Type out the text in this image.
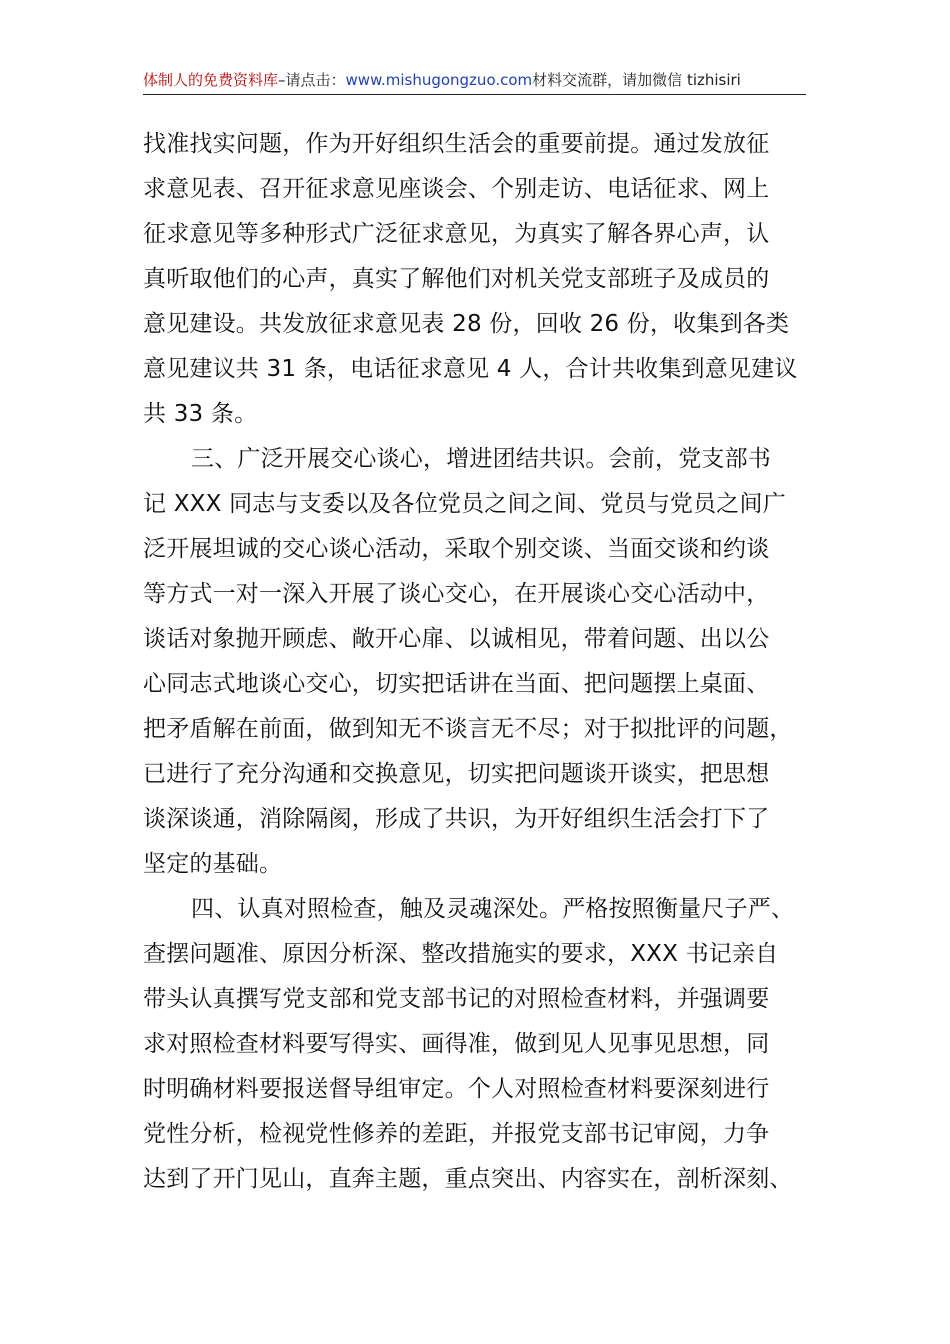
体制人的免费资料库–请点击：www.mishugongzuo.com材料交流群，请加微信 tizhisiri
找准找实问题，作为开好组织生活会的重要前提。通过发放征
求意见表、召开征求意见座谈会、个别走访、电话征求、网上
征求意见等多种形式广泛征求意见，为真实了解各界心声，认
真听取他们的心声，真实了解他们对机关党支部班子及成员的
意见建设。共发放征求意见表 28 份，回收 26 份，收集到各类
意见建议共 31 条，电话征求意见 4 人，合计共收集到意见建议
共 33 条。
三、广泛开展交心谈心，增进团结共识。会前，党支部书
记 XXX 同志与支委以及各位党员之间之间、党员与党员之间广
泛开展坦诚的交心谈心活动，采取个别交谈、当面交谈和约谈
等方式一对一深入开展了谈心交心，在开展谈心交心活动中，
谈话对象抛开顾虑、敞开心扉、以诚相见，带着问题、出以公
心同志式地谈心交心，切实把话讲在当面、把问题摆上桌面、
把矛盾解在前面，做到知无不谈言无不尽；对于拟批评的问题，
已进行了充分沟通和交换意见，切实把问题谈开谈实，把思想
谈深谈通，消除隔阂，形成了共识，为开好组织生活会打下了
坚定的基础。
四、认真对照检查，触及灵魂深处。严格按照衡量尺子严、
查摆问题准、原因分析深、整改措施实的要求，XXX 书记亲自
带头认真撰写党支部和党支部书记的对照检查材料，并强调要
求对照检查材料要写得实、画得准，做到见人见事见思想，同
时明确材料要报送督导组审定。个人对照检查材料要深刻进行
党性分析，检视党性修养的差距，并报党支部书记审阅，力争
达到了开门见山，直奔主题，重点突出、内容实在，剖析深刻、
